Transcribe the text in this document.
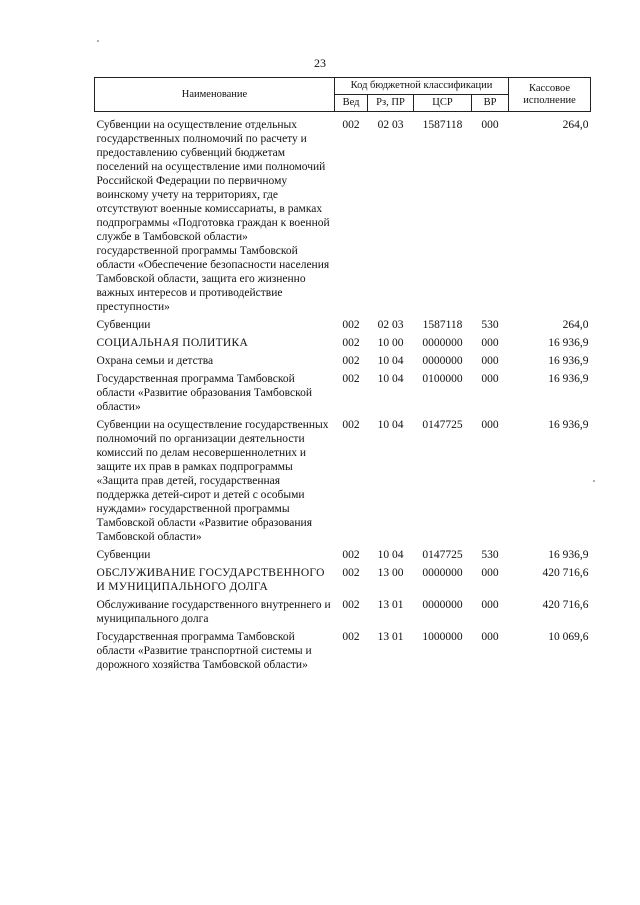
23
Наименование	Код бюджетной классификации				Кассовое
исполнение
	Вед	Рз, ПР	ЦСР	ВР	
Субвенции на осуществление отдельных государственных полномочий по расчету и предоставлению субвенций бюджетам поселений на осуществление ими полномочий Российской Федерации по первичному воинскому учету на территориях, где отсутствуют военные комиссариаты, в рамках подпрограммы «Подготовка граждан к военной службе в Тамбовской области» государственной программы Тамбовской области «Обеспечение безопасности населения Тамбовской области, защита его жизненно важных интересов и противодействие преступности»	002	02 03	1587118	000	264,0
Субвенции	002	02 03	1587118	530	264,0
СОЦИАЛЬНАЯ ПОЛИТИКА	002	10 00	0000000	000	16 936,9
Охрана семьи и детства	002	10 04	0000000	000	16 936,9
Государственная программа Тамбовской области «Развитие образования Тамбовской области»	002	10 04	0100000	000	16 936,9
Субвенции на осуществление государственных полномочий по организации деятельности комиссий по делам несовершеннолетних и защите их прав в рамках подпрограммы «Защита прав детей, государственная поддержка детей-сирот и детей с особыми нуждами» государственной программы Тамбовской области «Развитие образования Тамбовской области»	002	10 04	0147725	000	16 936,9
Субвенции	002	10 04	0147725	530	16 936,9
ОБСЛУЖИВАНИЕ ГОСУДАРСТВЕННОГО И МУНИЦИПАЛЬНОГО ДОЛГА	002	13 00	0000000	000	420 716,6
Обслуживание государственного внутреннего и муниципального долга	002	13 01	0000000	000	420 716,6
Государственная программа Тамбовской области «Развитие транспортной системы и дорожного хозяйства Тамбовской области»	002	13 01	1000000	000	10 069,6
